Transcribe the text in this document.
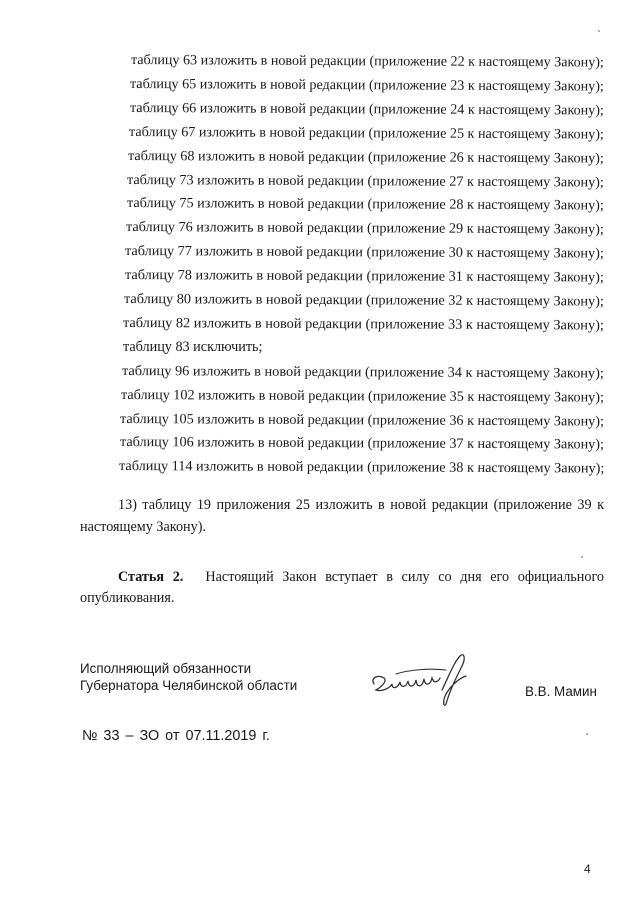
таблицу 63 изложить в новой редакции (приложение 22 к настоящему Закону);
таблицу 65 изложить в новой редакции (приложение 23 к настоящему Закону);
таблицу 66 изложить в новой редакции (приложение 24 к настоящему Закону);
таблицу 67 изложить в новой редакции (приложение 25 к настоящему Закону);
таблицу 68 изложить в новой редакции (приложение 26 к настоящему Закону);
таблицу 73 изложить в новой редакции (приложение 27 к настоящему Закону);
таблицу 75 изложить в новой редакции (приложение 28 к настоящему Закону);
таблицу 76 изложить в новой редакции (приложение 29 к настоящему Закону);
таблицу 77 изложить в новой редакции (приложение 30 к настоящему Закону);
таблицу 78 изложить в новой редакции (приложение 31 к настоящему Закону);
таблицу 80 изложить в новой редакции (приложение 32 к настоящему Закону);
таблицу 82 изложить в новой редакции (приложение 33 к настоящему Закону);
таблицу 83 исключить;
таблицу 96 изложить в новой редакции (приложение 34 к настоящему Закону);
таблицу 102 изложить в новой редакции (приложение 35 к настоящему Закону);
таблицу 105 изложить в новой редакции (приложение 36 к настоящему Закону);
таблицу 106 изложить в новой редакции (приложение 37 к настоящему Закону);
таблицу 114 изложить в новой редакции (приложение 38 к настоящему Закону);

13) таблицу 19 приложения 25 изложить в новой редакции (приложение 39 к настоящему Закону).

Статья 2. Настоящий Закон вступает в силу со дня его официального опубликования.

Исполняющий обязанности
Губернатора Челябинской области	В.В. Мамин
№ 33 – ЗО от 07.11.2019 г.
4
